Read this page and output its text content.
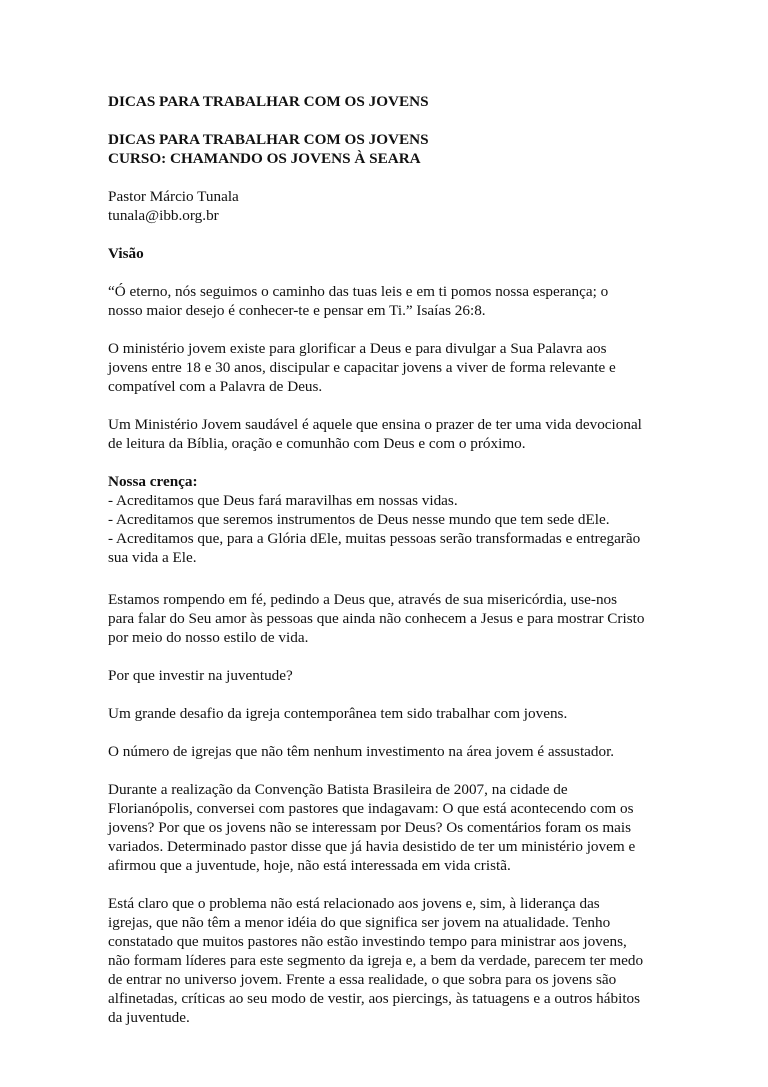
DICAS PARA TRABALHAR COM OS JOVENS

DICAS PARA TRABALHAR COM OS JOVENS
CURSO: CHAMANDO OS JOVENS À SEARA

Pastor Márcio Tunala
tunala@ibb.org.br

Visão

“Ó eterno, nós seguimos o caminho das tuas leis e em ti pomos nossa esperança; o
nosso maior desejo é conhecer-te e pensar em Ti.” Isaías 26:8.

O ministério jovem existe para glorificar a Deus e para divulgar a Sua Palavra aos
jovens entre 18 e 30 anos, discipular e capacitar jovens a viver de forma relevante e
compatível com a Palavra de Deus.

Um Ministério Jovem saudável é aquele que ensina o prazer de ter uma vida devocional
de leitura da Bíblia, oração e comunhão com Deus e com o próximo.

Nossa crença:
- Acreditamos que Deus fará maravilhas em nossas vidas.
- Acreditamos que seremos instrumentos de Deus nesse mundo que tem sede dEle.
- Acreditamos que, para a Glória dEle, muitas pessoas serão transformadas e entregarão
sua vida a Ele.

Estamos rompendo em fé, pedindo a Deus que, através de sua misericórdia, use-nos
para falar do Seu amor às pessoas que ainda não conhecem a Jesus e para mostrar Cristo
por meio do nosso estilo de vida.

Por que investir na juventude?

Um grande desafio da igreja contemporânea tem sido trabalhar com jovens.

O número de igrejas que não têm nenhum investimento na área jovem é assustador.

Durante a realização da Convenção Batista Brasileira de 2007, na cidade de
Florianópolis, conversei com pastores que indagavam: O que está acontecendo com os
jovens? Por que os jovens não se interessam por Deus? Os comentários foram os mais
variados. Determinado pastor disse que já havia desistido de ter um ministério jovem e
afirmou que a juventude, hoje, não está interessada em vida cristã.

Está claro que o problema não está relacionado aos jovens e, sim, à liderança das
igrejas, que não têm a menor idéia do que significa ser jovem na atualidade. Tenho
constatado que muitos pastores não estão investindo tempo para ministrar aos jovens,
não formam líderes para este segmento da igreja e, a bem da verdade, parecem ter medo
de entrar no universo jovem. Frente a essa realidade, o que sobra para os jovens são
alfinetadas, críticas ao seu modo de vestir, aos piercings, às tatuagens e a outros hábitos
da juventude.
